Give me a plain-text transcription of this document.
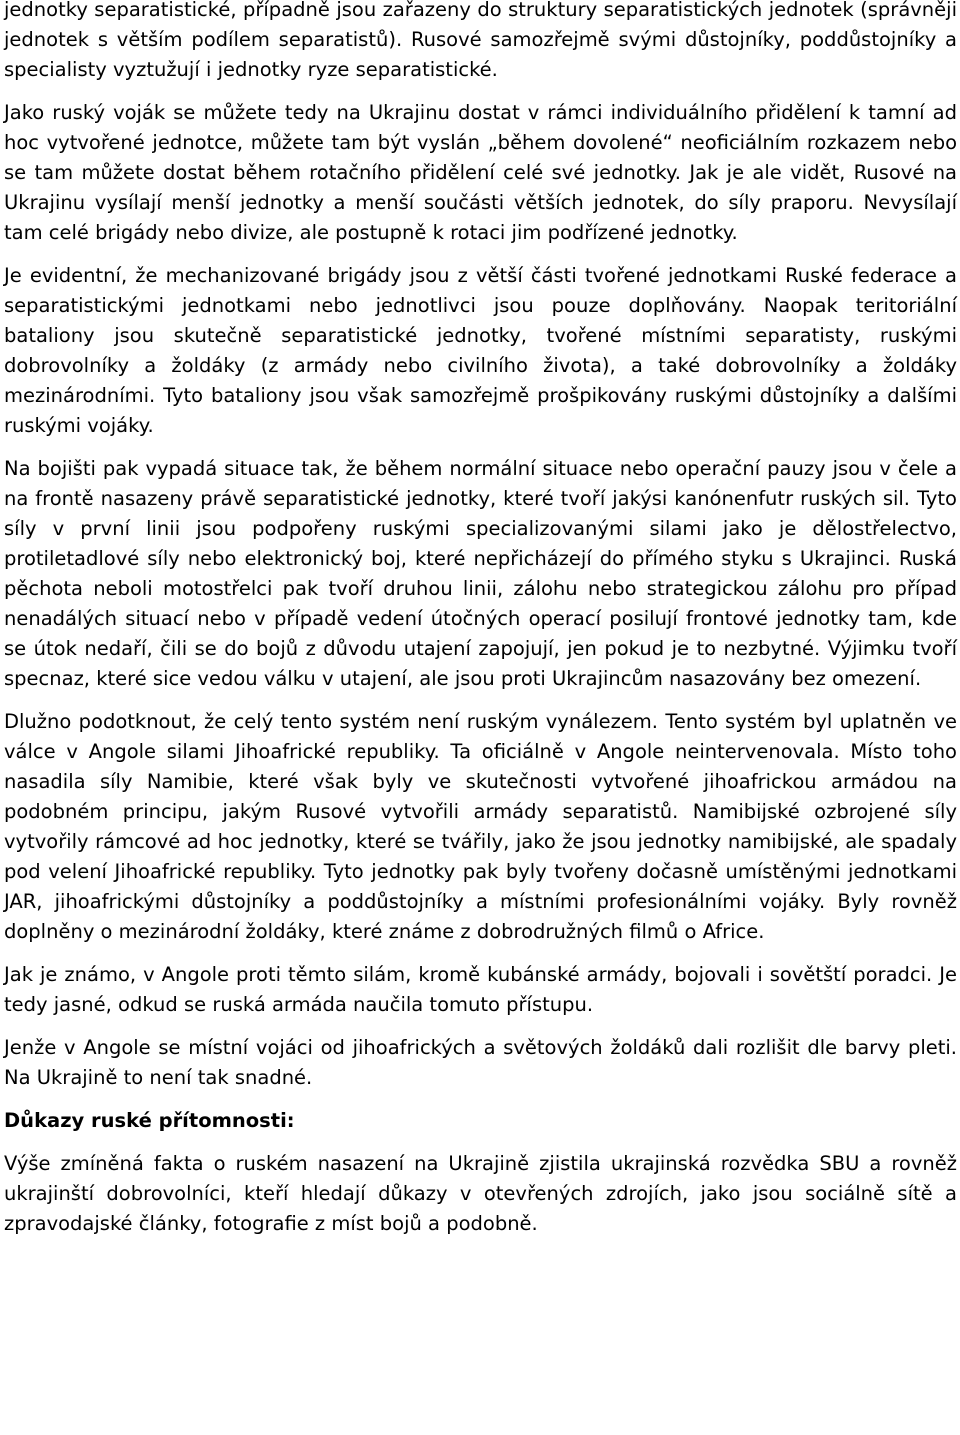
jednotky separatistické, případně jsou zařazeny do struktury separatistických jednotek (správněji jednotek s větším podílem separatistů). Rusové samozřejmě svými důstojníky, poddůstojníky a specialisty vyztužují i jednotky ryze separatistické.

Jako ruský voják se můžete tedy na Ukrajinu dostat v rámci individuálního přidělení k tamní ad hoc vytvořené jednotce, můžete tam být vyslán „během dovolené“ neoficiálním rozkazem nebo se tam můžete dostat během rotačního přidělení celé své jednotky. Jak je ale vidět, Rusové na Ukrajinu vysílají menší jednotky a menší součásti větších jednotek, do síly praporu. Nevysílají tam celé brigády nebo divize, ale postupně k rotaci jim podřízené jednotky.

Je evidentní, že mechanizované brigády jsou z větší části tvořené jednotkami Ruské federace a separatistickými jednotkami nebo jednotlivci jsou pouze doplňovány. Naopak teritoriální bataliony jsou skutečně separatistické jednotky, tvořené místními separatisty, ruskými dobrovolníky a žoldáky (z armády nebo civilního života), a také dobrovolníky a žoldáky mezinárodními. Tyto bataliony jsou však samozřejmě prošpikovány ruskými důstojníky a dalšími ruskými vojáky.

Na bojišti pak vypadá situace tak, že během normální situace nebo operační pauzy jsou v čele a na frontě nasazeny právě separatistické jednotky, které tvoří jakýsi kanónenfutr ruských sil. Tyto síly v první linii jsou podpořeny ruskými specializovanými silami jako je dělostřelectvo, protiletadlové síly nebo elektronický boj, které nepřicházejí do přímého styku s Ukrajinci. Ruská pěchota neboli motostřelci pak tvoří druhou linii, zálohu nebo strategickou zálohu pro případ nenadálých situací nebo v případě vedení útočných operací posilují frontové jednotky tam, kde se útok nedaří, čili se do bojů z důvodu utajení zapojují, jen pokud je to nezbytné. Výjimku tvoří specnaz, které sice vedou válku v utajení, ale jsou proti Ukrajincům nasazovány bez omezení.

Dlužno podotknout, že celý tento systém není ruským vynálezem. Tento systém byl uplatněn ve válce v Angole silami Jihoafrické republiky. Ta oficiálně v Angole neintervenovala. Místo toho nasadila síly Namibie, které však byly ve skutečnosti vytvořené jihoafrickou armádou na podobném principu, jakým Rusové vytvořili armády separatistů. Namibijské ozbrojené síly vytvořily rámcové ad hoc jednotky, které se tvářily, jako že jsou jednotky namibijské, ale spadaly pod velení Jihoafrické republiky. Tyto jednotky pak byly tvořeny dočasně umístěnými jednotkami JAR, jihoafrickými důstojníky a poddůstojníky a místními profesionálními vojáky. Byly rovněž doplněny o mezinárodní žoldáky, které známe z dobrodružných filmů o Africe.

Jak je známo, v Angole proti těmto silám, kromě kubánské armády, bojovali i sovětští poradci. Je tedy jasné, odkud se ruská armáda naučila tomuto přístupu.

Jenže v Angole se místní vojáci od jihoafrických a světových žoldáků dali rozlišit dle barvy pleti. Na Ukrajině to není tak snadné.

Důkazy ruské přítomnosti:

Výše zmíněná fakta o ruském nasazení na Ukrajině zjistila ukrajinská rozvědka SBU a rovněž ukrajinští dobrovolníci, kteří hledají důkazy v otevřených zdrojích, jako jsou sociálně sítě a zpravodajské články, fotografie z míst bojů a podobně.
